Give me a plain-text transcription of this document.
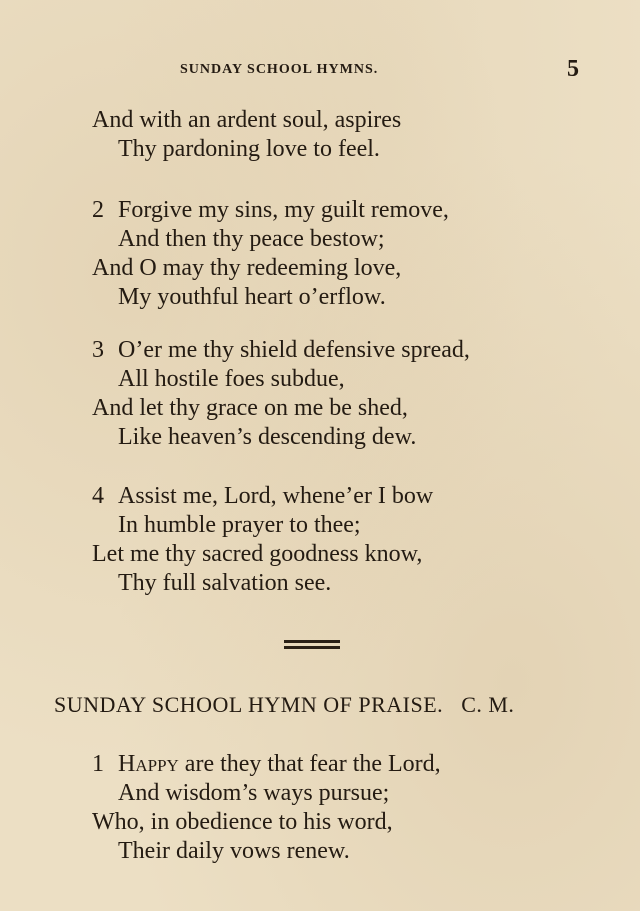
SUNDAY SCHOOL HYMNS.	5
And with an ardent soul, aspires
Thy pardoning love to feel.
2 Forgive my sins, my guilt remove,
And then thy peace bestow;
And O may thy redeeming love,
My youthful heart o’erflow.
3 O’er me thy shield defensive spread,
All hostile foes subdue,
And let thy grace on me be shed,
Like heaven’s descending dew.
4 Assist me, Lord, whene’er I bow
In humble prayer to thee;
Let me thy sacred goodness know,
Thy full salvation see.
SUNDAY SCHOOL HYMN OF PRAISE. C. M.
1 Happy are they that fear the Lord,
And wisdom’s ways pursue;
Who, in obedience to his word,
Their daily vows renew.
